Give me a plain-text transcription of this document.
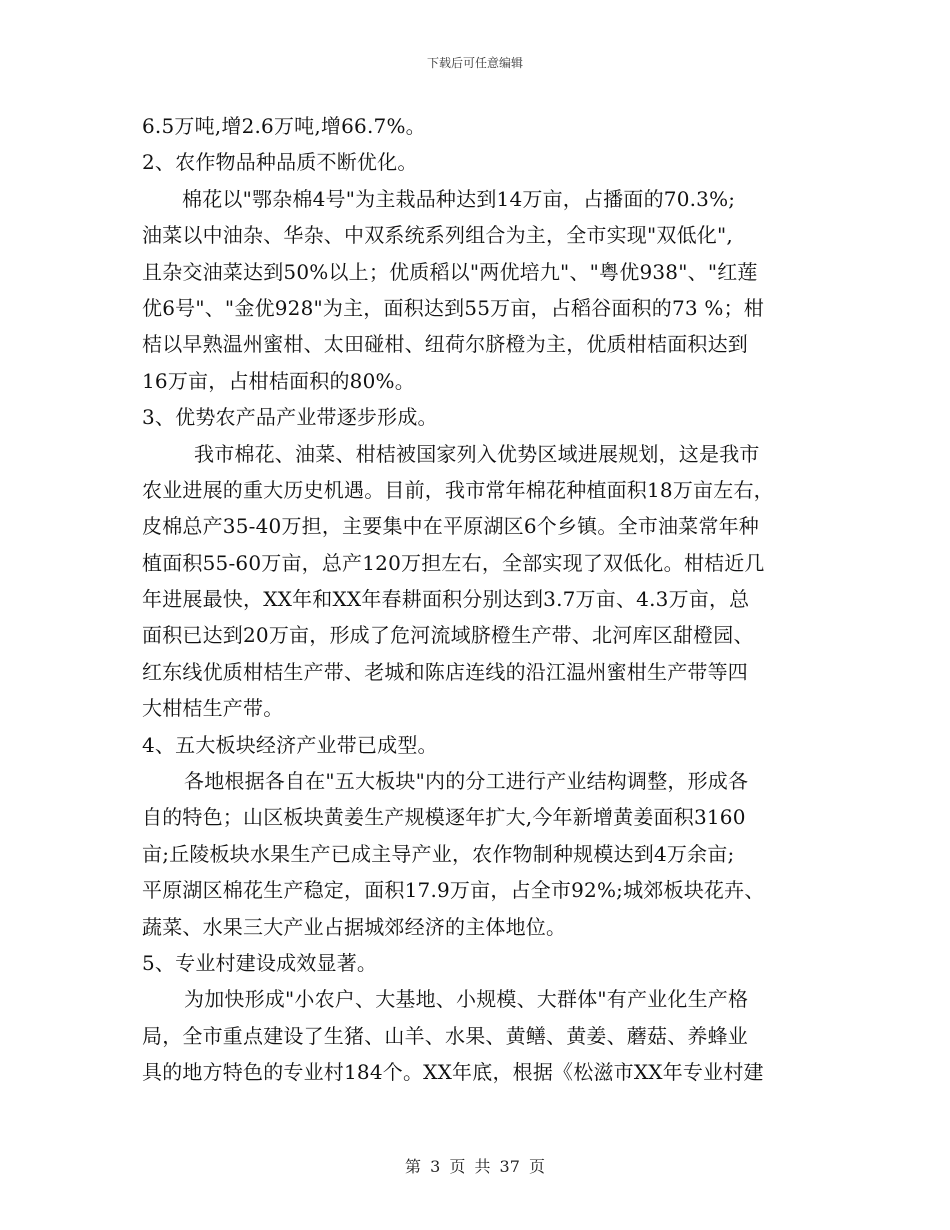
下载后可任意编辑
6.5万吨,增2.6万吨,增66.7%。
2、农作物品种品质不断优化。
棉花以"鄂杂棉4号"为主栽品种达到14万亩，占播面的70.3%;
油菜以中油杂、华杂、中双系统系列组合为主，全市实现"双低化",
且杂交油菜达到50%以上；优质稻以"两优培九"、"粤优938"、"红莲
优6号"、"金优928"为主，面积达到55万亩，占稻谷面积的73 %；柑
桔以早熟温州蜜柑、太田碰柑、纽荷尔脐橙为主，优质柑桔面积达到
16万亩，占柑桔面积的80%。
3、优势农产品产业带逐步形成。
我市棉花、油菜、柑桔被国家列入优势区域进展规划，这是我市
农业进展的重大历史机遇。目前，我市常年棉花种植面积18万亩左右，
皮棉总产35-40万担，主要集中在平原湖区6个乡镇。全市油菜常年种
植面积55-60万亩，总产120万担左右，全部实现了双低化。柑桔近几
年进展最快，XX年和XX年春耕面积分别达到3.7万亩、4.3万亩，总
面积已达到20万亩，形成了危河流域脐橙生产带、北河库区甜橙园、
红东线优质柑桔生产带、老城和陈店连线的沿江温州蜜柑生产带等四
大柑桔生产带。
4、五大板块经济产业带已成型。
各地根据各自在"五大板块"内的分工进行产业结构调整，形成各
自的特色；山区板块黄姜生产规模逐年扩大,今年新增黄姜面积3160
亩;丘陵板块水果生产已成主导产业，农作物制种规模达到4万余亩;
平原湖区棉花生产稳定，面积17.9万亩，占全市92%;城郊板块花卉、
蔬菜、水果三大产业占据城郊经济的主体地位。
5、专业村建设成效显著。
为加快形成"小农户、大基地、小规模、大群体"有产业化生产格
局，全市重点建设了生猪、山羊、水果、黄鳝、黄姜、蘑菇、养蜂业
具的地方特色的专业村184个。XX年底，根据《松滋市XX年专业村建
第 3 页 共 37 页
